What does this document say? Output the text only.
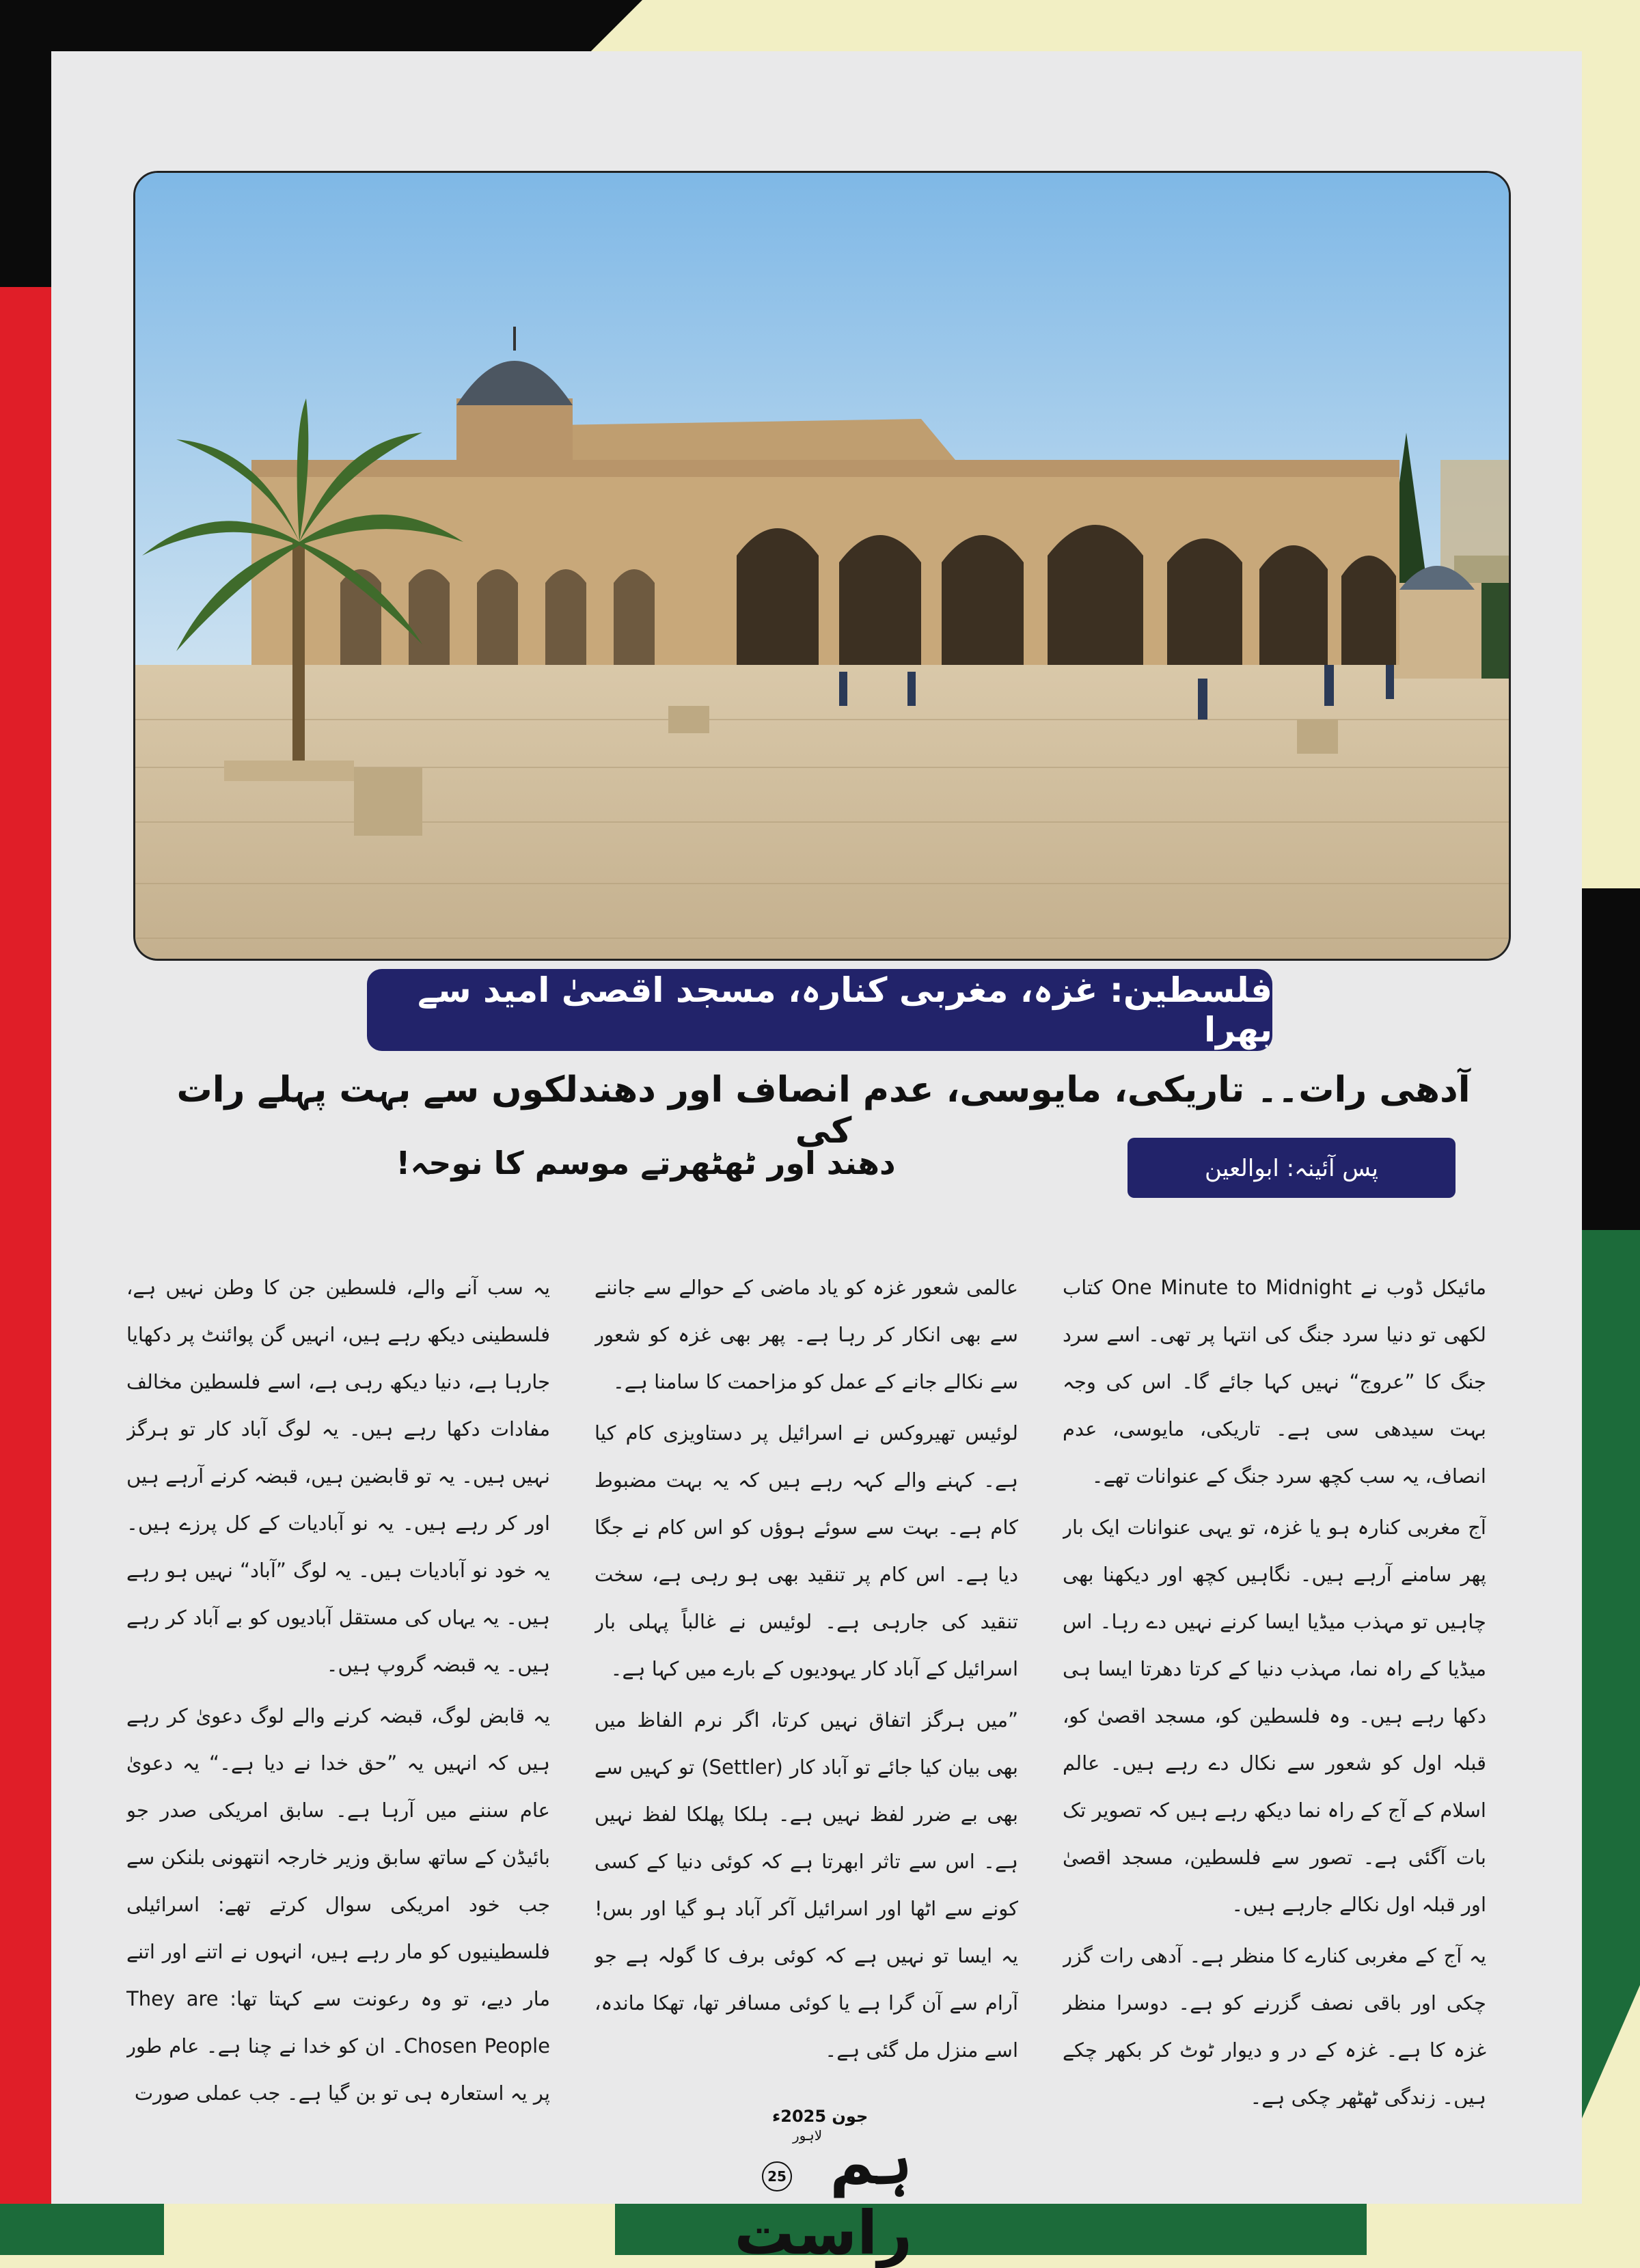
فلسطین: غزہ، مغربی کنارہ، مسجد اقصیٰ امید سے بھرا
آدھی رات۔۔ تاریکی، مایوسی، عدم انصاف اور دھندلکوں سے بہت پہلے رات کی
دھند اور ٹھٹھرتے موسم کا نوحہ!	پس آئینہ: ابوالعین

مائیکل ڈوب نے One Minute to Midnight کتاب لکھی تو دنیا سرد جنگ کی انتہا پر تھی۔ اسے سرد جنگ کا ”عروج“ نہیں کہا جائے گا۔ اس کی وجہ بہت سیدھی سی ہے۔ تاریکی، مایوسی، عدم انصاف، یہ سب کچھ سرد جنگ کے عنوانات تھے۔

آج مغربی کنارہ ہو یا غزہ، تو یہی عنوانات ایک بار پھر سامنے آرہے ہیں۔ نگاہیں کچھ اور دیکھنا بھی چاہیں تو مہذب میڈیا ایسا کرنے نہیں دے رہا۔ اس میڈیا کے راہ نما، مہذب دنیا کے کرتا دھرتا ایسا ہی دکھا رہے ہیں۔ وہ فلسطین کو، مسجد اقصیٰ کو، قبلہ اول کو شعور سے نکال دے رہے ہیں۔ عالم اسلام کے آج کے راہ نما دیکھ رہے ہیں کہ تصویر تک بات آگئی ہے۔ تصور سے فلسطین، مسجد اقصیٰ اور قبلہ اول نکالے جارہے ہیں۔

یہ آج کے مغربی کنارے کا منظر ہے۔ آدھی رات گزر چکی اور باقی نصف گزرنے کو ہے۔ دوسرا منظر غزہ کا ہے۔ غزہ کے در و دیوار ٹوٹ کر بکھر چکے ہیں۔ زندگی ٹھٹھر چکی ہے۔

عالمی شعور غزہ کو یاد ماضی کے حوالے سے جاننے سے بھی انکار کر رہا ہے۔ پھر بھی غزہ کو شعور سے نکالے جانے کے عمل کو مزاحمت کا سامنا ہے۔

لوئیس تھیروکس نے اسرائیل پر دستاویزی کام کیا ہے۔ کہنے والے کہہ رہے ہیں کہ یہ بہت مضبوط کام ہے۔ بہت سے سوئے ہوؤں کو اس کام نے جگا دیا ہے۔ اس کام پر تنقید بھی ہو رہی ہے، سخت تنقید کی جارہی ہے۔ لوئیس نے غالباً پہلی بار اسرائیل کے آباد کار یہودیوں کے بارے میں کہا ہے۔

”میں ہرگز اتفاق نہیں کرتا، اگر نرم الفاظ میں بھی بیان کیا جائے تو آباد کار (Settler) تو کہیں سے بھی بے ضرر لفظ نہیں ہے۔ ہلکا پھلکا لفظ نہیں ہے۔ اس سے تاثر ابھرتا ہے کہ کوئی دنیا کے کسی کونے سے اٹھا اور اسرائیل آکر آباد ہو گیا اور بس! یہ ایسا تو نہیں ہے کہ کوئی برف کا گولہ ہے جو آرام سے آن گرا ہے یا کوئی مسافر تھا، تھکا ماندہ، اسے منزل مل گئی ہے۔

یہ سب آنے والے، فلسطین جن کا وطن نہیں ہے، فلسطینی دیکھ رہے ہیں، انہیں گن پوائنٹ پر دکھایا جارہا ہے، دنیا دیکھ رہی ہے، اسے فلسطین مخالف مفادات دکھا رہے ہیں۔ یہ لوگ آباد کار تو ہرگز نہیں ہیں۔ یہ تو قابضین ہیں، قبضہ کرنے آرہے ہیں اور کر رہے ہیں۔ یہ نو آبادیات کے کل پرزے ہیں۔ یہ خود نو آبادیات ہیں۔ یہ لوگ ”آباد“ نہیں ہو رہے ہیں۔ یہ یہاں کی مستقل آبادیوں کو بے آباد کر رہے ہیں۔ یہ قبضہ گروپ ہیں۔

یہ قابض لوگ، قبضہ کرنے والے لوگ دعویٰ کر رہے ہیں کہ انہیں یہ ”حق خدا نے دیا ہے۔“ یہ دعویٰ عام سننے میں آرہا ہے۔ سابق امریکی صدر جو بائیڈن کے ساتھ سابق وزیر خارجہ انتھونی بلنکن سے جب خود امریکی سوال کرتے تھے: اسرائیلی فلسطینیوں کو مار رہے ہیں، انہوں نے اتنے اور اتنے مار دیے، تو وہ رعونت سے کہتا تھا: They are Chosen People۔ ان کو خدا نے چنا ہے۔ عام طور پر یہ استعارہ ہی تو بن گیا ہے۔ جب عملی صورت

جون 2025ء
لاہور ہم راست
25
